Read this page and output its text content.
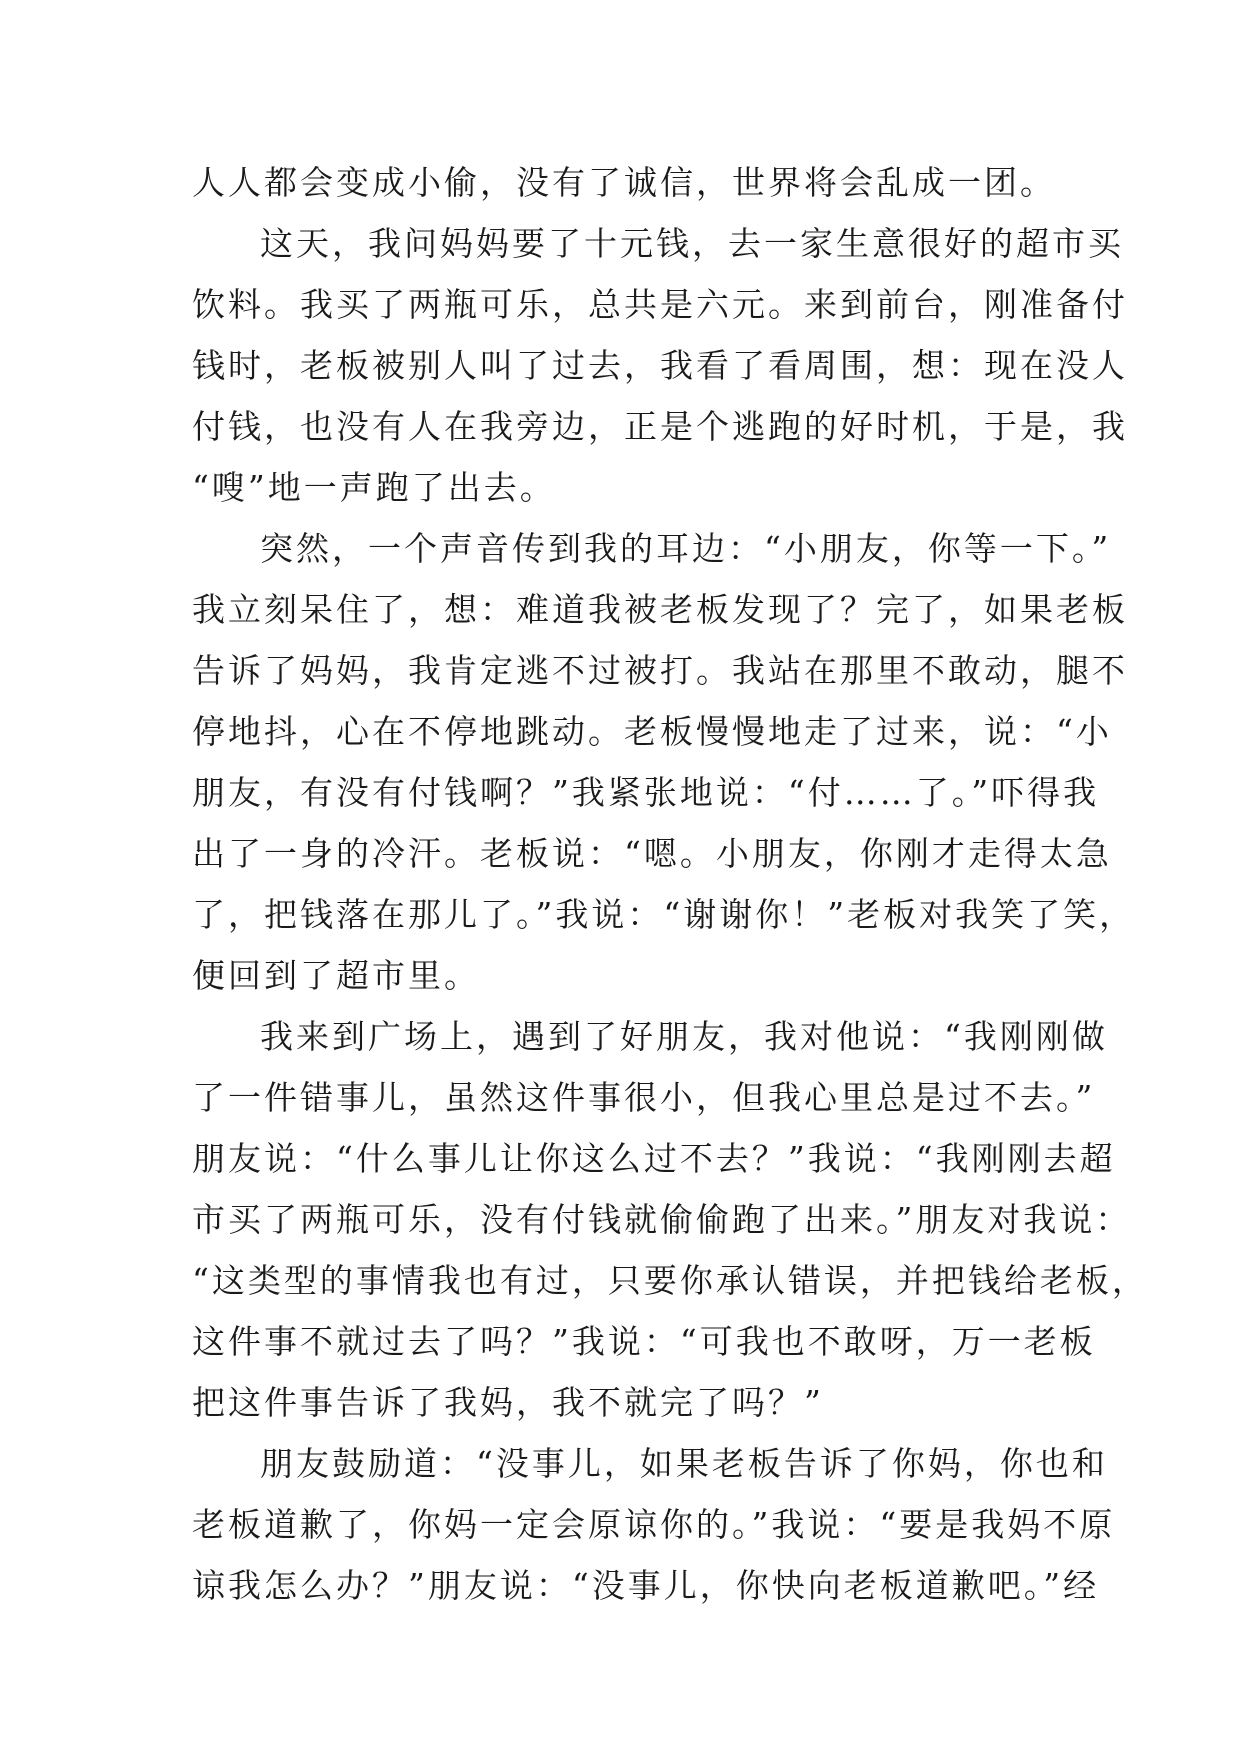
人人都会变成小偷，没有了诚信，世界将会乱成一团。
这天，我问妈妈要了十元钱，去一家生意很好的超市买
饮料。我买了两瓶可乐，总共是六元。来到前台，刚准备付
钱时，老板被别人叫了过去，我看了看周围，想：现在没人
付钱，也没有人在我旁边，正是个逃跑的好时机，于是，我
“嗖”地一声跑了出去。
突然，一个声音传到我的耳边：“小朋友，你等一下。”
我立刻呆住了，想：难道我被老板发现了？完了，如果老板
告诉了妈妈，我肯定逃不过被打。我站在那里不敢动，腿不
停地抖，心在不停地跳动。老板慢慢地走了过来，说：“小
朋友，有没有付钱啊？”我紧张地说：“付……了。”吓得我
出了一身的冷汗。老板说：“嗯。小朋友，你刚才走得太急
了，把钱落在那儿了。”我说：“谢谢你！”老板对我笑了笑，
便回到了超市里。
我来到广场上，遇到了好朋友，我对他说：“我刚刚做
了一件错事儿，虽然这件事很小，但我心里总是过不去。”
朋友说：“什么事儿让你这么过不去？”我说：“我刚刚去超
市买了两瓶可乐，没有付钱就偷偷跑了出来。”朋友对我说：
“这类型的事情我也有过，只要你承认错误，并把钱给老板，
这件事不就过去了吗？”我说：“可我也不敢呀，万一老板
把这件事告诉了我妈，我不就完了吗？”
朋友鼓励道：“没事儿，如果老板告诉了你妈，你也和
老板道歉了，你妈一定会原谅你的。”我说：“要是我妈不原
谅我怎么办？”朋友说：“没事儿，你快向老板道歉吧。”经
